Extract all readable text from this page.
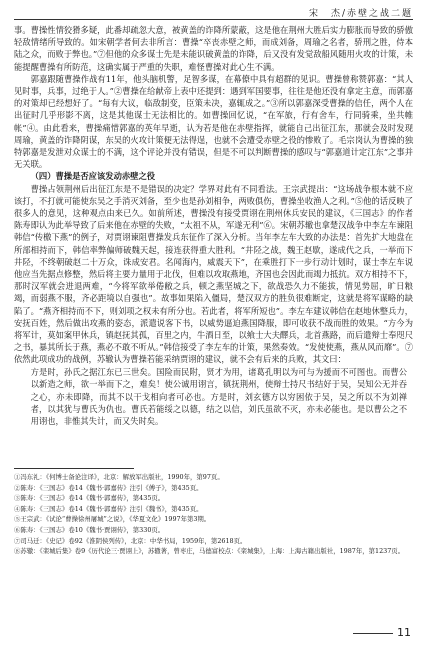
宋　杰/赤壁之战二题

事。曹操性情狡猾多疑，此番却疏忽大意，被黄盖的诈降所蒙蔽，这是他在荆州大胜后实力膨胀而导致的骄傲轻敌情绪所导致的。如宋朝学者何去非所言：曹操“卒丧赤壁之师，而成刘备，周瑜之名者，骄刑之胜，侍本陆之众，而败于弊也。”⑦但他的众多谋士先是未能识破黄盖的诈降，后又没有发觉敌船风随用火攻的计策，未能提醒曹操有所防范，这确实属于严重的失职，难怪曹操对此心生不满。

郭嘉跟随曹操作战有11年，他头脑机警，足智多谋，在幕僚中具有超群的见识。曹操曾称赞郭嘉：“其人见时事，兵事，过绝于人。”②曹操在给献帝上表中还提到：遇到军国要事，往往是他还没有拿定主意，而郭嘉的对策却已经想好了。“每有大议，临敌制变，臣策未决，嘉辄成之。”③所以郭嘉深受曹操的信任，两个人在出征时几乎形影不离，这是其他谋士无法相比的。如曹操回忆说，“在军旅，行有舍车，行同骑乘，坐共帷帐”④。由此看来，曹操痛惜郭嘉的英年早逝，认为若是他在赤壁指挥，就能自己出征江东，那就会及时发现周瑜，黄盖的诈降阴谋，东吴的火攻计策便无法得逞，也就不会遭受赤壁之役的惨败了。毛宗岗认为曹操的独特郭嘉是发泄对众谋士的不满，这个评论并没有错误，但是不可以判断曹操的感叹与“郭嘉道计定江东”之事并无关联。

（四）曹操是否应该发动赤壁之役

曹操占领荆州后出征江东是不是错误的决定？学界对此有不同看法。王宗武提出：“这场战争根本就不应该打，不打就可能使东吴之手消灭刘备，至少也是孙刘相争，两败俱伤，曹操坐收渔人之利。”⑤他的话反映了很多人的意见，这种观点由来已久。如前所述，曹操没有接受贾诩在荆州休兵安民的建议，《三国志》的作者陈寿即认为此举导致了后来他在赤壁的失败，“太祖不从，军遂无利”⑥。宋朝苏辙也拿楚汉战争中李左车谏阻韩信“传檄下燕”的例子，对贾诩谏阻曹操发兵东征作了深入分析。当年李左车大致的办法是：首先扩大地盘在所部相持而下，韩信率弊偏师破魏天起，接连获得重大胜利。“井陉之战，魏王赵歇，遂成代之兵，一举而下井陉，不终朝破赵二十万众，诛成安君。名闻海内，威震天下”，在乘胜打下一步行动计划时，谋士李左车说他应当先据点修整，然后将主要力量用于北伐，但难以攻取燕地，齐国也会因此而竭力抵抗。双方相持不下，那时汉军就会进退两难，“今将军欲举倦敝之兵，顿之燕坚城之下，欲战恐久力不能拔，情见势屈，旷日粮竭，而弱燕不服，齐必距境以自强也”。故事如果陷入僵局，楚汉双方的胜负很难断定，这就是将军谋略的缺陷了。“燕齐相持而不下，则刘项之权未有所分也。若此者，将军所短也”。李左车建议韩信在赵地休整兵力，安抚百姓，然后做出攻燕的姿态，派遣说客下书，以威势逼迫燕国降服，即可收获不战而胜的效果。“方今为将军计，莫如案甲休兵，镇赵抚其孤，百里之内，牛酒日至，以飨士大夫醳兵，北首燕路，而后遣辩士奉咫尺之书，暴其所长于燕，燕必不敢不听从。”韩信接受了李左车的计策，果然奏效。“发使使燕，燕从风而靡”。⑦依然此项成功的战例，苏辙认为曹操若能采纳贾诩的建议，就不会有后来的兵败，其文曰：

方是时，孙氏之据江东已三世矣。国险而民附，贤才为用，诸葛孔明以为可与为援而不可图也。而曹公以新造之师，欲一举而下之，难矣！使公诚用诩言，镇抚荆州，使辩士持尺书结好于吴，吴知公无并吞之心，亦未即降，而其不以干戈相向者可必也。方是时，刘玄德方以穷困依于吴，吴之所以不为刘禅者，以其犹与曹氏为仇也。曹氏若能绥之以德，结之以信，刘氏虽欲不灭，亦未必能也。是以曹公之不用诩也，非惟其失计，而又失时矣。

①冯东礼：《何博士备论注译》，北京：解放军出版社，1990年，第97页。
②陈寿：《三国志》卷14《魏书·郭嘉传》注引《傅子》，第435页。
③陈寿：《三国志》卷14《魏书·郭嘉传》，第435页。
④陈寿：《三国志》卷14《魏书·郭嘉传》注引《魏书》，第435页。
⑤王宗武：《试论“曹操徐州屠城”之说》，《华夏文化》1997年第3期。
⑥陈寿：《三国志》卷10《魏书·贾诩传》，第330页。
⑦司马迁：《史记》卷92《淮阴侯列传》，北京：中华书局，1959年，第2618页。
⑧苏辙：《栾城后集》卷9《历代论三·贾诩上》，苏辙著，曾枣庄，马德富校点：《栾城集》，上海：上海古籍出版社，1987年，第1237页。
11
